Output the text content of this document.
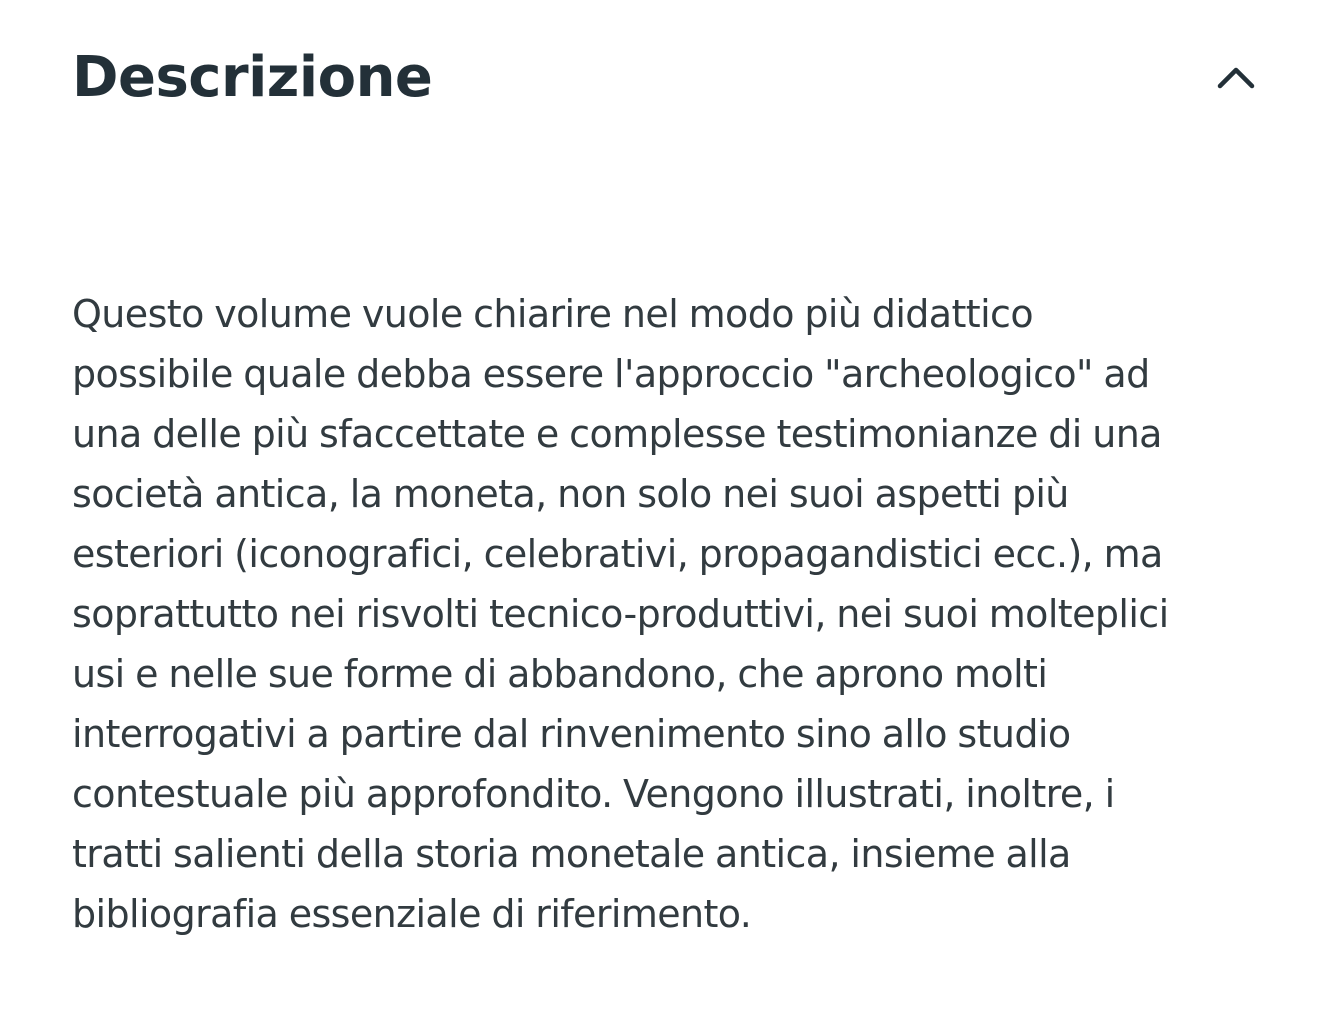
Descrizione

Questo volume vuole chiarire nel modo più didattico
possibile quale debba essere l'approccio "archeologico" ad
una delle più sfaccettate e complesse testimonianze di una
società antica, la moneta, non solo nei suoi aspetti più
esteriori (iconografici, celebrativi, propagandistici ecc.), ma
soprattutto nei risvolti tecnico-produttivi, nei suoi molteplici
usi e nelle sue forme di abbandono, che aprono molti
interrogativi a partire dal rinvenimento sino allo studio
contestuale più approfondito. Vengono illustrati, inoltre, i
tratti salienti della storia monetale antica, insieme alla
bibliografia essenziale di riferimento.
